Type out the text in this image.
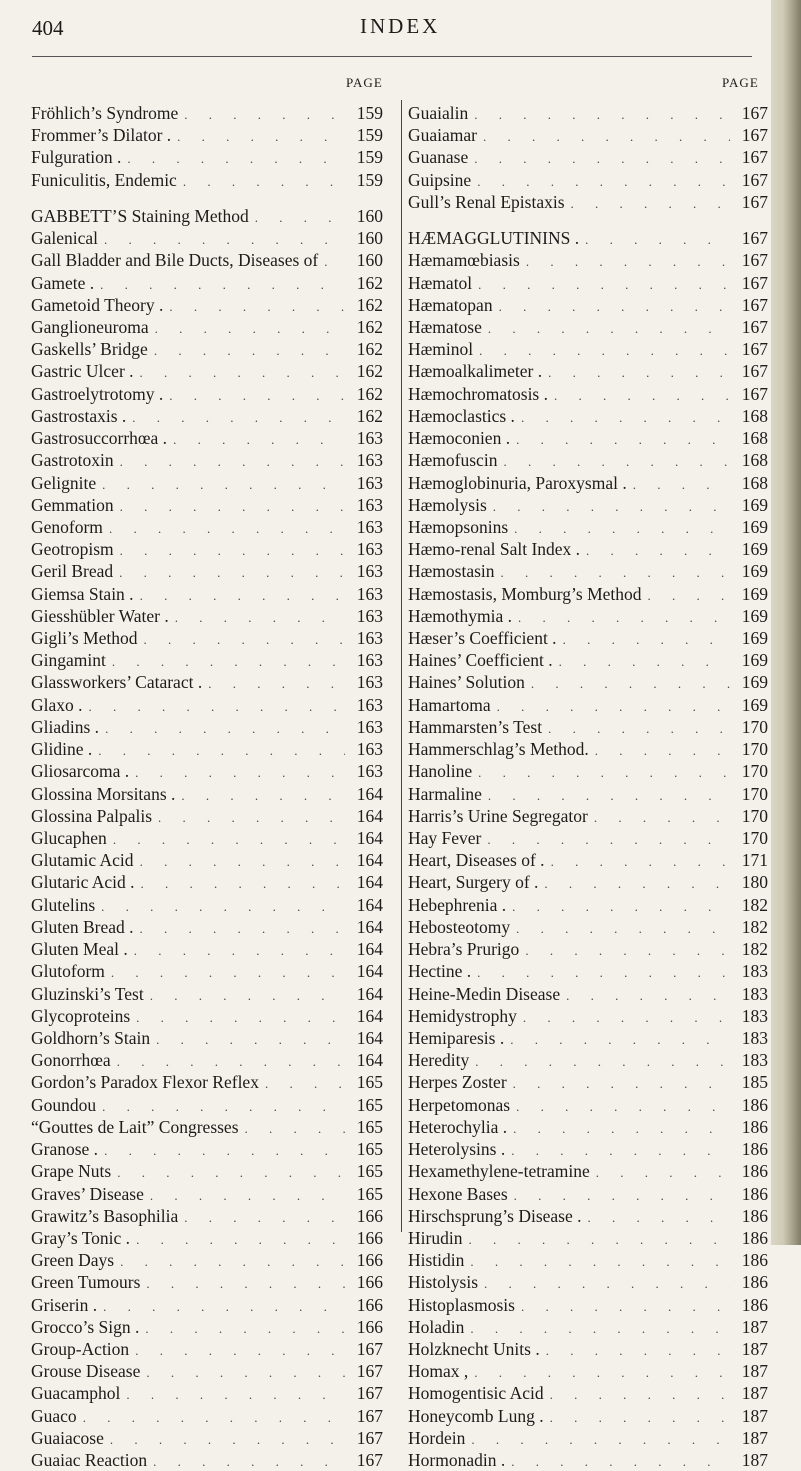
404	INDEX
PAGE	PAGE
Fröhlich’s Syndrome . . .	159
Frommer’s Dilator . . . .	159
Fulguration . . . .	159
Funiculitis, Endemic . . .	159
GABBETT’S Staining Method . . .	160
Galenical . . .	160
Gall Bladder and Bile Ducts, Diseases of . . .	160
Gamete . . . .	162
Gametoid Theory . . . .	162
Ganglioneuroma . . .	162
Gaskells’ Bridge . . .	162
Gastric Ulcer . . . .	162
Gastroelytrotomy . . . .	162
Gastrostaxis . . . .	162
Gastrosuccorrhœa . . . .	163
Gastrotoxin . . .	163
Gelignite . . .	163
Gemmation . . .	163
Genoform . . .	163
Geotropism . . .	163
Geril Bread . . .	163
Giemsa Stain . . . .	163
Giesshübler Water . . . .	163
Gigli’s Method . . .	163
Gingamint . . .	163
Glassworkers’ Cataract . . . .	163
Glaxo . . . .	163
Gliadins . . . .	163
Glidine . . . .	163
Gliosarcoma . . . .	163
Glossina Morsitans . . . .	164
Glossina Palpalis . . .	164
Glucaphen . . .	164
Glutamic Acid . . .	164
Glutaric Acid . . . .	164
Glutelins . . .	164
Gluten Bread . . . .	164
Gluten Meal . . . .	164
Glutoform . . .	164
Gluzinski’s Test . . .	164
Glycoproteins . . .	164
Goldhorn’s Stain . . .	164
Gonorrhœa . . .	164
Gordon’s Paradox Flexor Reflex . . .	165
Goundou . . .	165
“Gouttes de Lait” Congresses . . .	165
Granose . . . .	165
Grape Nuts . . .	165
Graves’ Disease . . .	165
Grawitz’s Basophilia . . .	166
Gray’s Tonic . . . .	166
Green Days . . .	166
Green Tumours . . .	166
Griserin . . . .	166
Grocco’s Sign . . . .	166
Group-Action . . .	167
Grouse Disease . . .	167
Guacamphol . . .	167
Guaco . . .	167
Guaiacose . . .	167
Guaiac Reaction . . .	167
Guaialin . . .	167
Guaiamar . . .	167
Guanase . . .	167
Guipsine . . .	167
Gull’s Renal Epistaxis . . .	167
HÆMAGGLUTININS . . . .	167
Hæmamœbiasis . . .	167
Hæmatol . . .	167
Hæmatopan . . .	167
Hæmatose . . .	167
Hæminol . . .	167
Hæmoalkalimeter . . . .	167
Hæmochromatosis . . . .	167
Hæmoclastics . . . .	168
Hæmoconien . . . .	168
Hæmofuscin . . .	168
Hæmoglobinuria, Paroxysmal . . . .	168
Hæmolysis . . .	169
Hæmopsonins . . .	169
Hæmo-renal Salt Index . . . .	169
Hæmostasin . . .	169
Hæmostasis, Momburg’s Method . . .	169
Hæmothymia . . . .	169
Hæser’s Coefficient . . . .	169
Haines’ Coefficient . . . .	169
Haines’ Solution . . .	169
Hamartoma . . .	169
Hammarsten’s Test . . .	170
Hammerschlag’s Method. . . .	170
Hanoline . . .	170
Harmaline . . .	170
Harris’s Urine Segregator . . .	170
Hay Fever . . .	170
Heart, Diseases of . . . .	171
Heart, Surgery of . . . .	180
Hebephrenia . . . .	182
Hebosteotomy . . .	182
Hebra’s Prurigo . . .	182
Hectine . . . .	183
Heine-Medin Disease . . .	183
Hemidystrophy . . .	183
Hemiparesis . . . .	183
Heredity . . .	183
Herpes Zoster . . .	185
Herpetomonas . . .	186
Heterochylia . . . .	186
Heterolysins . . . .	186
Hexamethylene-tetramine . . .	186
Hexone Bases . . .	186
Hirschsprung’s Disease . . . .	186
Hirudin . . .	186
Histidin . . .	186
Histolysis . . .	186
Histoplasmosis . . .	186
Holadin . . .	187
Holzknecht Units . . . .	187
Homax , . . .	187
Homogentisic Acid . . .	187
Honeycomb Lung . . . .	187
Hordein . . .	187
Hormonadin . . . .	187
